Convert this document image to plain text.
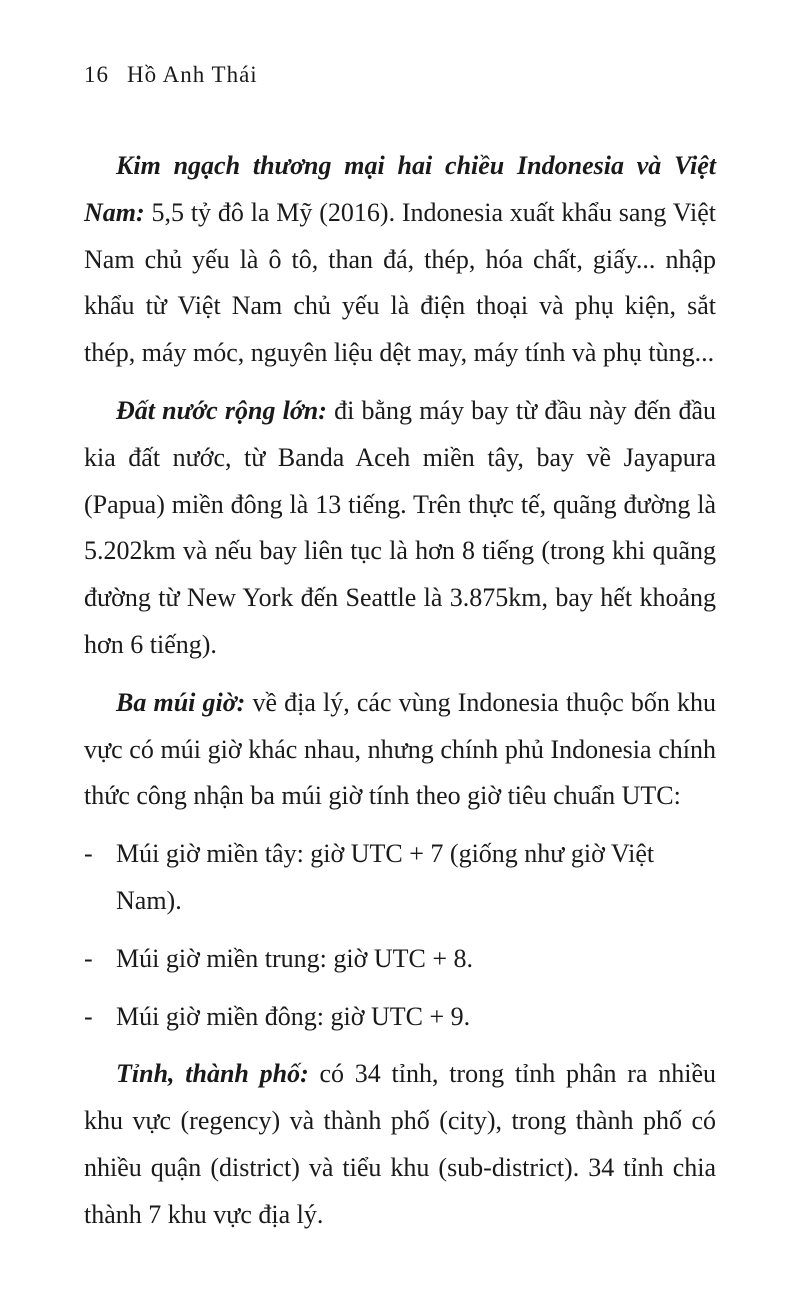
16 Hồ Anh Thái

Kim ngạch thương mại hai chiều Indonesia và Việt Nam: 5,5 tỷ đô la Mỹ (2016). Indonesia xuất khẩu sang Việt Nam chủ yếu là ô tô, than đá, thép, hóa chất, giấy... nhập khẩu từ Việt Nam chủ yếu là điện thoại và phụ kiện, sắt thép, máy móc, nguyên liệu dệt may, máy tính và phụ tùng...

Đất nước rộng lớn: đi bằng máy bay từ đầu này đến đầu kia đất nước, từ Banda Aceh miền tây, bay về Jayapura (Papua) miền đông là 13 tiếng. Trên thực tế, quãng đường là 5.202km và nếu bay liên tục là hơn 8 tiếng (trong khi quãng đường từ New York đến Seattle là 3.875km, bay hết khoảng hơn 6 tiếng).

Ba múi giờ: về địa lý, các vùng Indonesia thuộc bốn khu vực có múi giờ khác nhau, nhưng chính phủ Indonesia chính thức công nhận ba múi giờ tính theo giờ tiêu chuẩn UTC:

- Múi giờ miền tây: giờ UTC + 7 (giống như giờ Việt Nam).
- Múi giờ miền trung: giờ UTC + 8.
- Múi giờ miền đông: giờ UTC + 9.

Tỉnh, thành phố: có 34 tỉnh, trong tỉnh phân ra nhiều khu vực (regency) và thành phố (city), trong thành phố có nhiều quận (district) và tiểu khu (sub-district). 34 tỉnh chia thành 7 khu vực địa lý.
